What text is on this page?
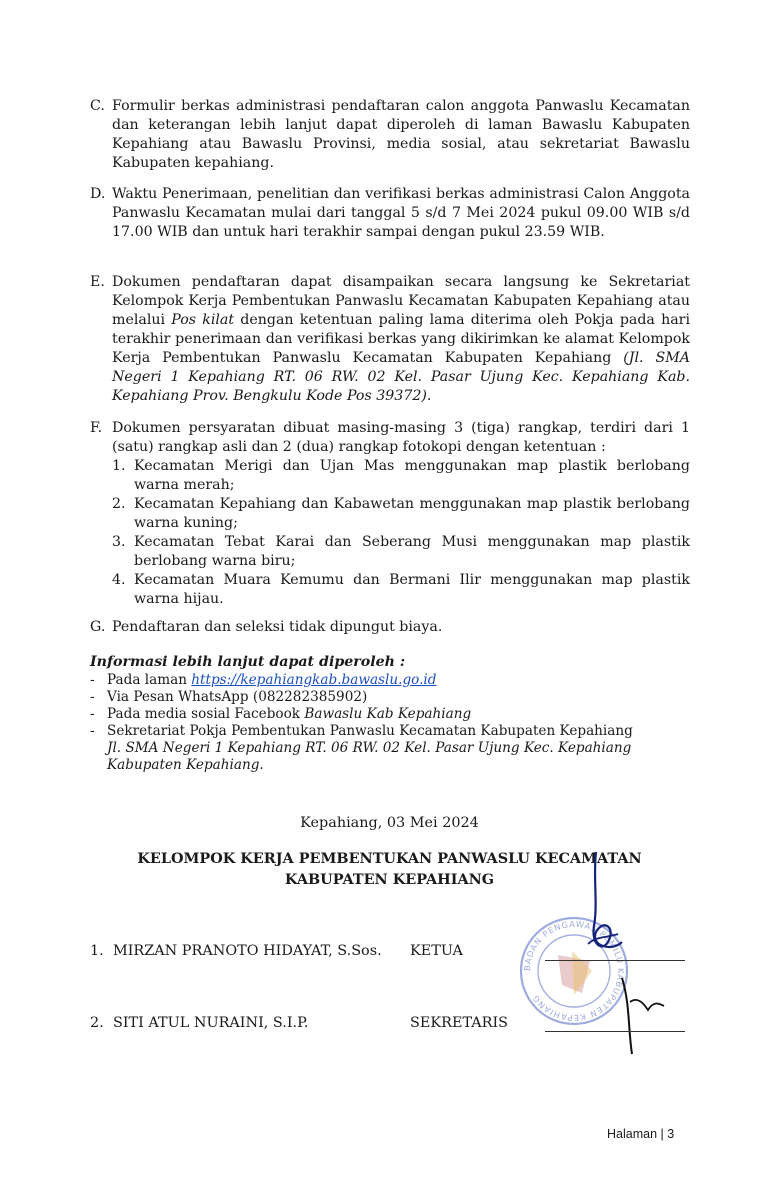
C. Formulir berkas administrasi pendaftaran calon anggota Panwaslu Kecamatan dan keterangan lebih lanjut dapat diperoleh di laman Bawaslu Kabupaten Kepahiang atau Bawaslu Provinsi, media sosial, atau sekretariat Bawaslu Kabupaten kepahiang.
D. Waktu Penerimaan, penelitian dan verifikasi berkas administrasi Calon Anggota Panwaslu Kecamatan mulai dari tanggal 5 s/d 7 Mei 2024 pukul 09.00 WIB s/d 17.00 WIB dan untuk hari terakhir sampai dengan pukul 23.59 WIB.
E. Dokumen pendaftaran dapat disampaikan secara langsung ke Sekretariat Kelompok Kerja Pembentukan Panwaslu Kecamatan Kabupaten Kepahiang atau melalui Pos kilat dengan ketentuan paling lama diterima oleh Pokja pada hari terakhir penerimaan dan verifikasi berkas yang dikirimkan ke alamat Kelompok Kerja Pembentukan Panwaslu Kecamatan Kabupaten Kepahiang (Jl. SMA Negeri 1 Kepahiang RT. 06 RW. 02 Kel. Pasar Ujung Kec. Kepahiang Kab. Kepahiang Prov. Bengkulu Kode Pos 39372).
F. Dokumen persyaratan dibuat masing-masing 3 (tiga) rangkap, terdiri dari 1 (satu) rangkap asli dan 2 (dua) rangkap fotokopi dengan ketentuan :
1. Kecamatan Merigi dan Ujan Mas menggunakan map plastik berlobang warna merah;
2. Kecamatan Kepahiang dan Kabawetan menggunakan map plastik berlobang warna kuning;
3. Kecamatan Tebat Karai dan Seberang Musi menggunakan map plastik berlobang warna biru;
4. Kecamatan Muara Kemumu dan Bermani Ilir menggunakan map plastik warna hijau.
G. Pendaftaran dan seleksi tidak dipungut biaya.
Informasi lebih lanjut dapat diperoleh :
- Pada laman https://kepahiangkab.bawaslu.go.id
- Via Pesan WhatsApp (082282385902)
- Pada media sosial Facebook Bawaslu Kab Kepahiang
- Sekretariat Pokja Pembentukan Panwaslu Kecamatan Kabupaten Kepahiang
Jl. SMA Negeri 1 Kepahiang RT. 06 RW. 02 Kel. Pasar Ujung Kec. Kepahiang Kabupaten Kepahiang.
Kepahiang, 03 Mei 2024
KELOMPOK KERJA PEMBENTUKAN PANWASLU KECAMATAN
KABUPATEN KEPAHIANG
BADAN PENGAWAS PEMIL KABUPATEN KEPAHIANG
1. MIRZAN PRANOTO HIDAYAT, S.Sos. KETUA
2. SITI ATUL NURAINI, S.I.P.	SEKRETARIS
Halaman | 3
